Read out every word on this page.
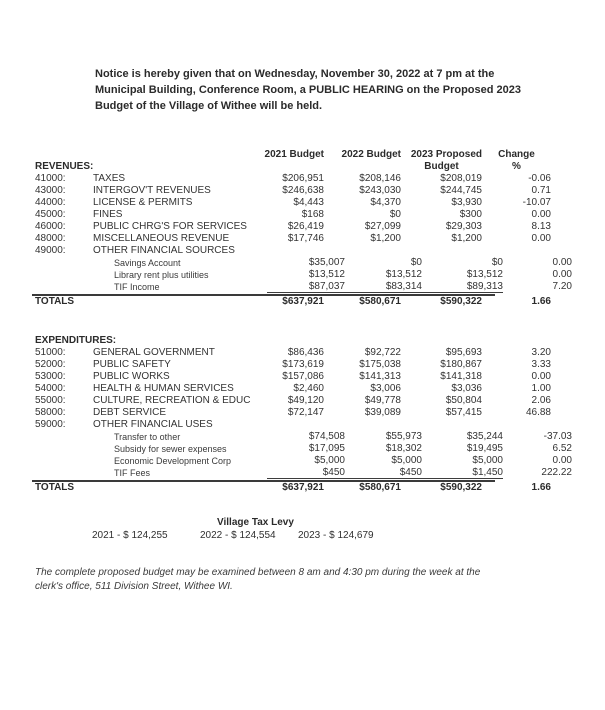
Notice is hereby given that on Wednesday, November 30, 2022 at 7 pm at the
Municipal Building, Conference Room, a PUBLIC HEARING on the Proposed 2023
Budget of the Village of Withee will be held.
2021 Budget	2022 Budget 2023 Proposed	Change
REVENUES:	Budget	%
41000:	TAXES	$206,951	$208,146	$208,019	-0.06
43000:	INTERGOV'T REVENUES	$246,638	$243,030	$244,745	0.71
44000:	LICENSE & PERMITS	$4,443	$4,370	$3,930	-10.07
45000:	FINES	$168	$0	$300	0.00
46000:	PUBLIC CHRG'S FOR SERVICES	$26,419	$27,099	$29,303	8.13
48000:	MISCELLANEOUS REVENUE	$17,746	$1,200	$1,200	0.00
49000:	OTHER FINANCIAL SOURCES
Savings Account	$35,007	$0	$0	0.00
Library rent plus utilities	$13,512	$13,512	$13,512	0.00
TIF Income	$87,037	$83,314	$89,313	7.20
TOTALS	$637,921	$580,671	$590,322	1.66
EXPENDITURES:
51000:	GENERAL GOVERNMENT	$86,436	$92,722	$95,693	3.20
52000:	PUBLIC SAFETY	$173,619	$175,038	$180,867	3.33
53000:	PUBLIC WORKS	$157,086	$141,313	$141,318	0.00
54000:	HEALTH & HUMAN SERVICES	$2,460	$3,006	$3,036	1.00
55000:	CULTURE, RECREATION & EDUC	$49,120	$49,778	$50,804	2.06
58000:	DEBT SERVICE	$72,147	$39,089	$57,415	46.88
59000:	OTHER FINANCIAL USES
Transfer to other	$74,508	$55,973	$35,244	-37.03
Subsidy for sewer expenses	$17,095	$18,302	$19,495	6.52
Economic Development Corp	$5,000	$5,000	$5,000	0.00
TIF Fees	$450	$450	$1,450	222.22
TOTALS	$637,921	$580,671	$590,322	1.66
Village Tax Levy
2021 - $ 124,255	2022 - $ 124,554 2023 - $ 124,679
The complete proposed budget may be examined between 8 am and 4:30 pm during the week at the
clerk's office, 511 Division Street, Withee WI.
